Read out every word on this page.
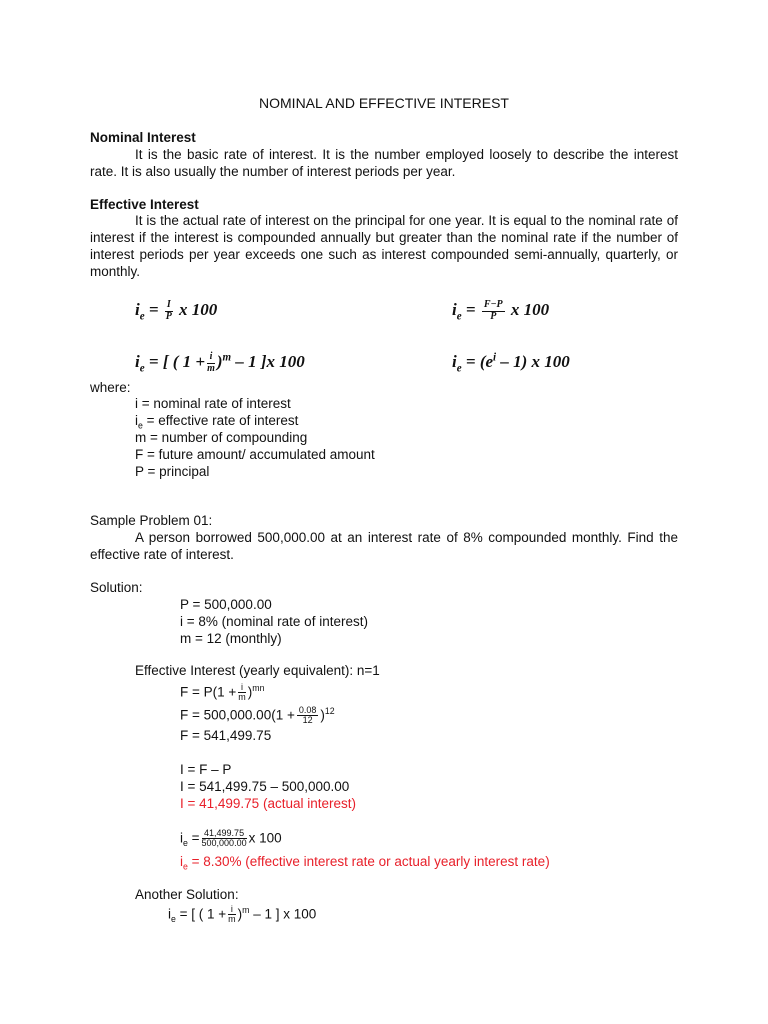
NOMINAL AND EFFECTIVE INTEREST
Nominal Interest
It is the basic rate of interest. It is the number employed loosely to describe the interest rate. It is also usually the number of interest periods per year.
Effective Interest
It is the actual rate of interest on the principal for one year. It is equal to the nominal rate of interest if the interest is compounded annually but greater than the nominal rate if the number of interest periods per year exceeds one such as interest compounded semi-annually, quarterly, or monthly.
$i_e = \frac{I}{P}$ x 100	$i_e = \frac{F-P}{P}$ x 100
$i_e$ = [ ( $1 + \frac{i}{m} )^m - 1$ ]x 100	$i_e = (e^i - 1)$ x 100
where:
i = nominal rate of interest
$i_e$ = effective rate of interest
m = number of compounding
F = future amount/ accumulated amount
P = principal
Sample Problem 01:
A person borrowed 500,000.00 at an interest rate of 8% compounded monthly. Find the effective rate of interest.
Solution:
P = 500,000.00
i = 8% (nominal rate of interest)
m = 12 (monthly)
Effective Interest (yearly equivalent): n=1
$F = P(1 + \frac{i}{m} )^{mn}$
$F = 500,000.00(1 + \frac{0.08}{12} )^{12}$
F = 541,499.75
I = F – P
I = 541,499.75 – 500,000.00
I = 41,499.75 (actual interest)
$i_e = \frac{41,499.75}{500,000.00}$ x 100
$i_e = 8.30\%$ (effective interest rate or actual yearly interest rate)
Another Solution:
$i_e$ = [ ( $1 + \frac{i}{m} )^m - 1$ ] x 100
